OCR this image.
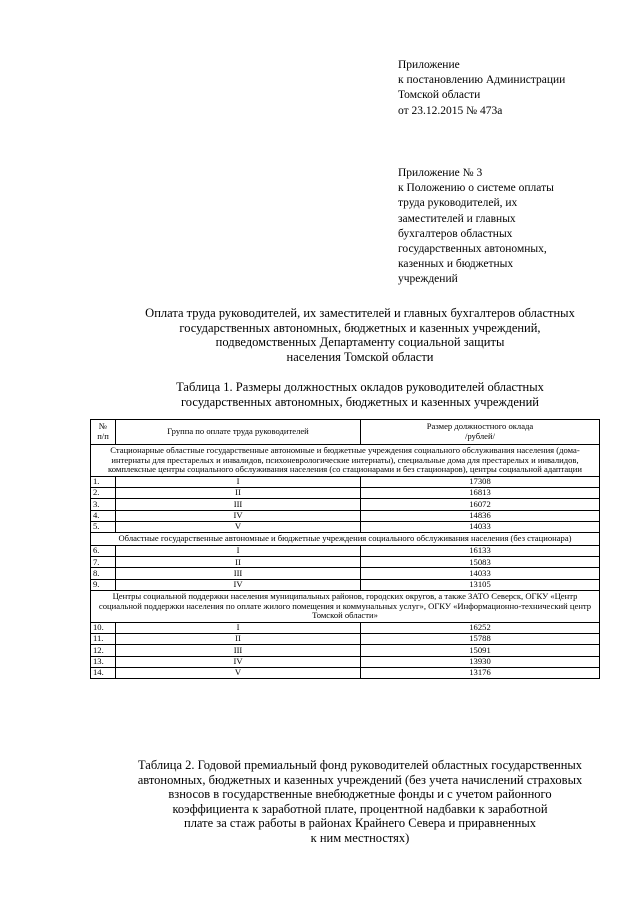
Приложение
к постановлению Администрации
Томской области
от 23.12.2015 № 473а
Приложение № 3
к Положению о системе оплаты
труда руководителей, их
заместителей и главных
бухгалтеров областных
государственных автономных,
казенных и бюджетных
учреждений
Оплата труда руководителей, их заместителей и главных бухгалтеров областных
государственных автономных, бюджетных и казенных учреждений,
подведомственных Департаменту социальной защиты
населения Томской области
Таблица 1. Размеры должностных окладов руководителей областных
государственных автономных, бюджетных и казенных учреждений
№
п/п	Группа по оплате труда руководителей	Размер должностного оклада
/рублей/

Стационарные областные государственные автономные и бюджетные учреждения социального обслуживания населения (дома-интернаты для престарелых и инвалидов, психоневрологические интернаты), специальные дома для престарелых и инвалидов, комплексные центры социального обслуживания населения (со стационарами и без стационаров), центры социальной адаптации		
1.	I	17308
2.	II	16813
3.	III	16072
4.	IV	14836
5.	V	14033
Областные государственные автономные и бюджетные учреждения социального обслуживания населения (без стационара)		
6.	I	16133
7.	II	15083
8.	III	14033
9.	IV	13105
Центры социальной поддержки населения муниципальных районов, городских округов, а также ЗАТО Северск, ОГКУ «Центр социальной поддержки населения по оплате жилого помещения и коммунальных услуг», ОГКУ «Информационно-технический центр Томской области»		
10.	I	16252
11.	II	15788
12.	III	15091
13.	IV	13930
14.	V	13176
Таблица 2. Годовой премиальный фонд руководителей областных государственных
автономных, бюджетных и казенных учреждений (без учета начислений страховых
взносов в государственные внебюджетные фонды и с учетом районного
коэффициента к заработной плате, процентной надбавки к заработной
плате за стаж работы в районах Крайнего Севера и приравненных
к ним местностях)
